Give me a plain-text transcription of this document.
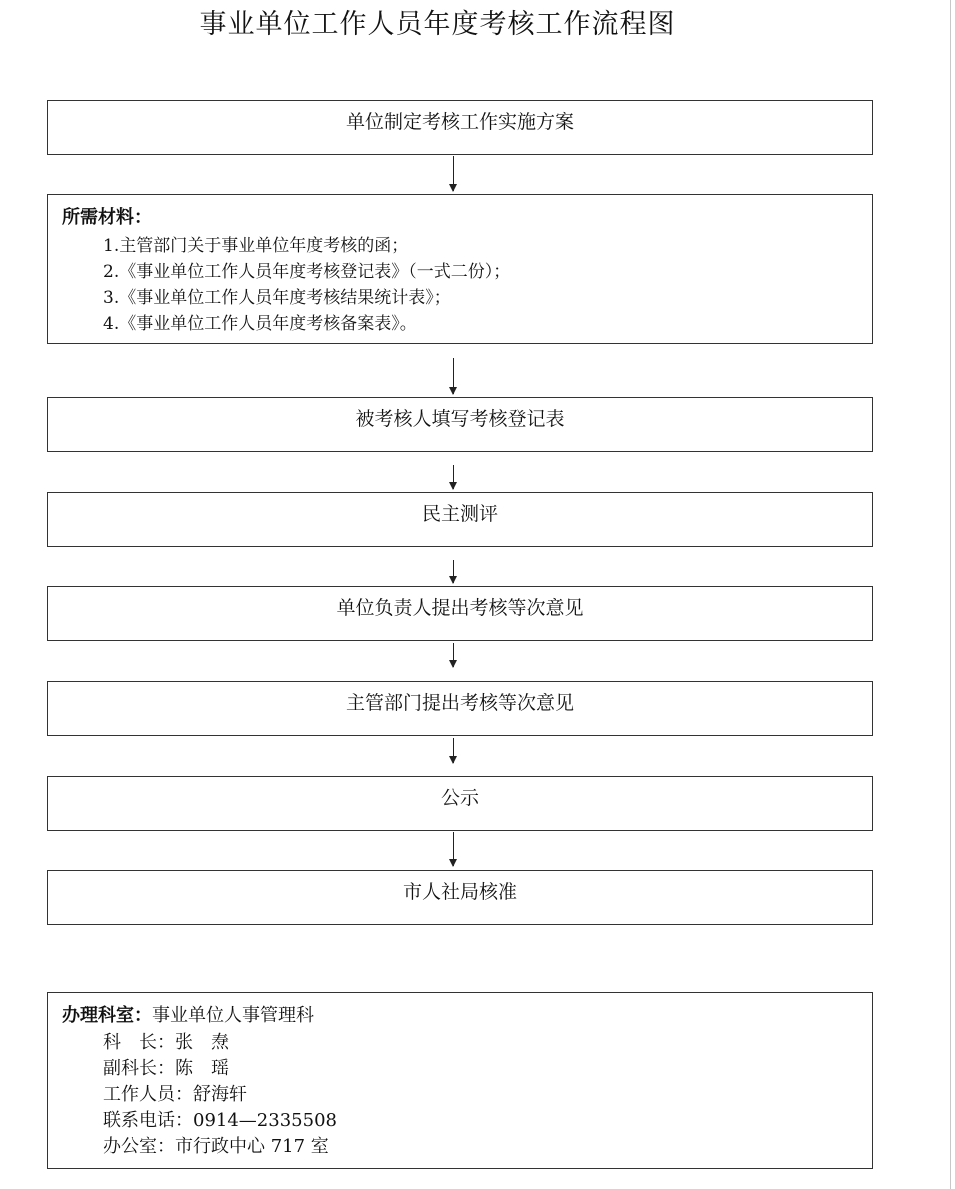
事业单位工作人员年度考核工作流程图
单位制定考核工作实施方案
所需材料：
1.主管部门关于事业单位年度考核的函；
2.《事业单位工作人员年度考核登记表》（一式二份）；
3.《事业单位工作人员年度考核结果统计表》；
4.《事业单位工作人员年度考核备案表》。
被考核人填写考核登记表
民主测评
单位负责人提出考核等次意见
主管部门提出考核等次意见
公示
市人社局核准
办理科室：事业单位人事管理科
科　长：张　焘
副科长：陈　瑶
工作人员：舒海轩
联系电话：0914—2335508
办公室：市行政中心 717 室
